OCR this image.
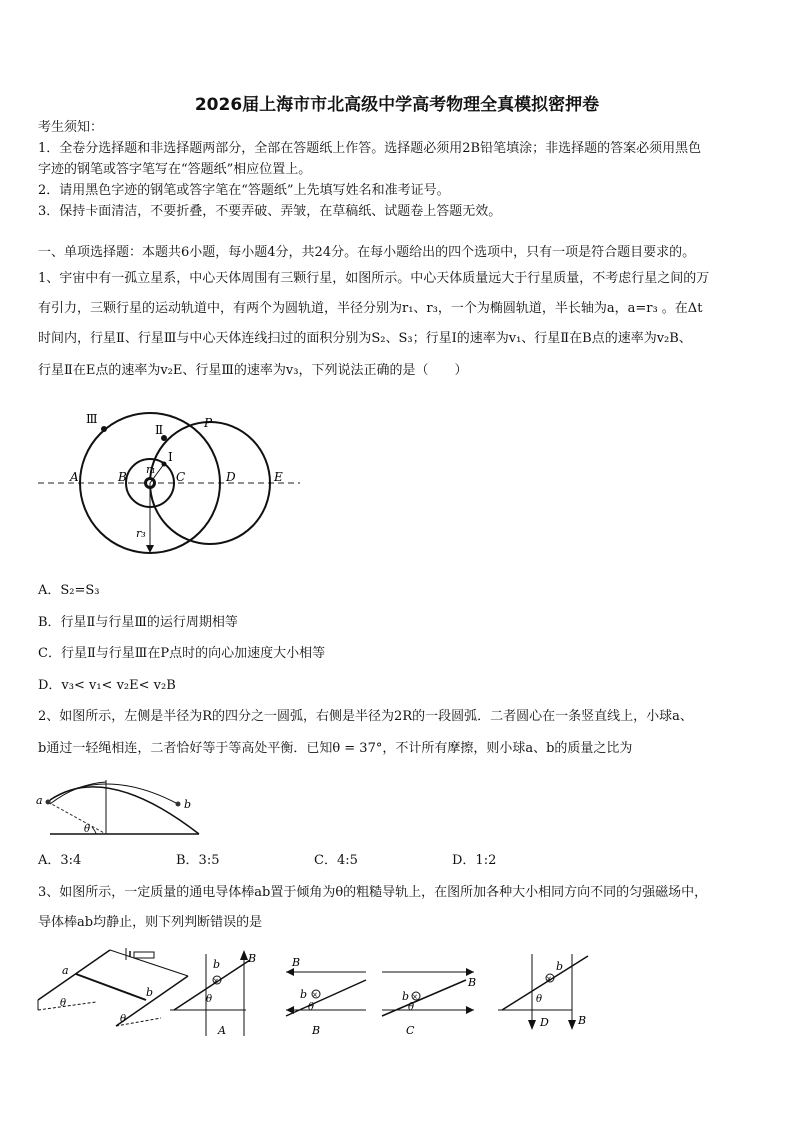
2026届上海市市北高级中学高考物理全真模拟密押卷
考生须知：
1．全卷分选择题和非选择题两部分，全部在答题纸上作答。选择题必须用2B铅笔填涂；非选择题的答案必须用黑色
字迹的钢笔或答字笔写在“答题纸”相应位置上。
2．请用黑色字迹的钢笔或答字笔在“答题纸”上先填写姓名和准考证号。
3．保持卡面清洁，不要折叠，不要弄破、弄皱，在草稿纸、试题卷上答题无效。
一、单项选择题：本题共6小题，每小题4分，共24分。在每小题给出的四个选项中，只有一项是符合题目要求的。
1、宇宙中有一孤立星系，中心天体周围有三颗行星，如图所示。中心天体质量远大于行星质量，不考虑行星之间的万
有引力，三颗行星的运动轨道中，有两个为圆轨道，半径分别为r₁、r₃，一个为椭圆轨道，半长轴为a，a=r₃ 。在Δt
时间内，行星Ⅱ、行星Ⅲ与中心天体连线扫过的面积分别为S₂、S₃；行星Ⅰ的速率为v₁、行星Ⅱ在B点的速率为v₂B、
行星Ⅱ在E点的速率为v₂E、行星Ⅲ的速率为v₃，下列说法正确的是（　　）
Ⅲ
Ⅱ	P
Ⅰ
A	B	C	D	E
r₁
r₃
A．S₂=S₃
B．行星Ⅱ与行星Ⅲ的运行周期相等
C．行星Ⅱ与行星Ⅲ在P点时的向心加速度大小相等
D．v₃< v₁< v₂E< v₂B
2、如图所示，左侧是半径为R的四分之一圆弧，右侧是半径为2R的一段圆弧．二者圆心在一条竖直线上，小球a、
b通过一轻绳相连，二者恰好等于等高处平衡．已知θ = 37°，不计所有摩擦，则小球a、b的质量之比为
a	b
θ
A．3:4	B．3:5	C．4:5	D．1:2
3、如图所示，一定质量的通电导体棒ab置于倾角为θ的粗糙导轨上，在图所加各种大小相同方向不同的匀强磁场中，
导体棒ab均静止，则下列判断错误的是
a
b
θ
θ
×
b	B
θ
A
×
B
b
θ
B
×
B
b
θ
C
×
b
θ
D	B
